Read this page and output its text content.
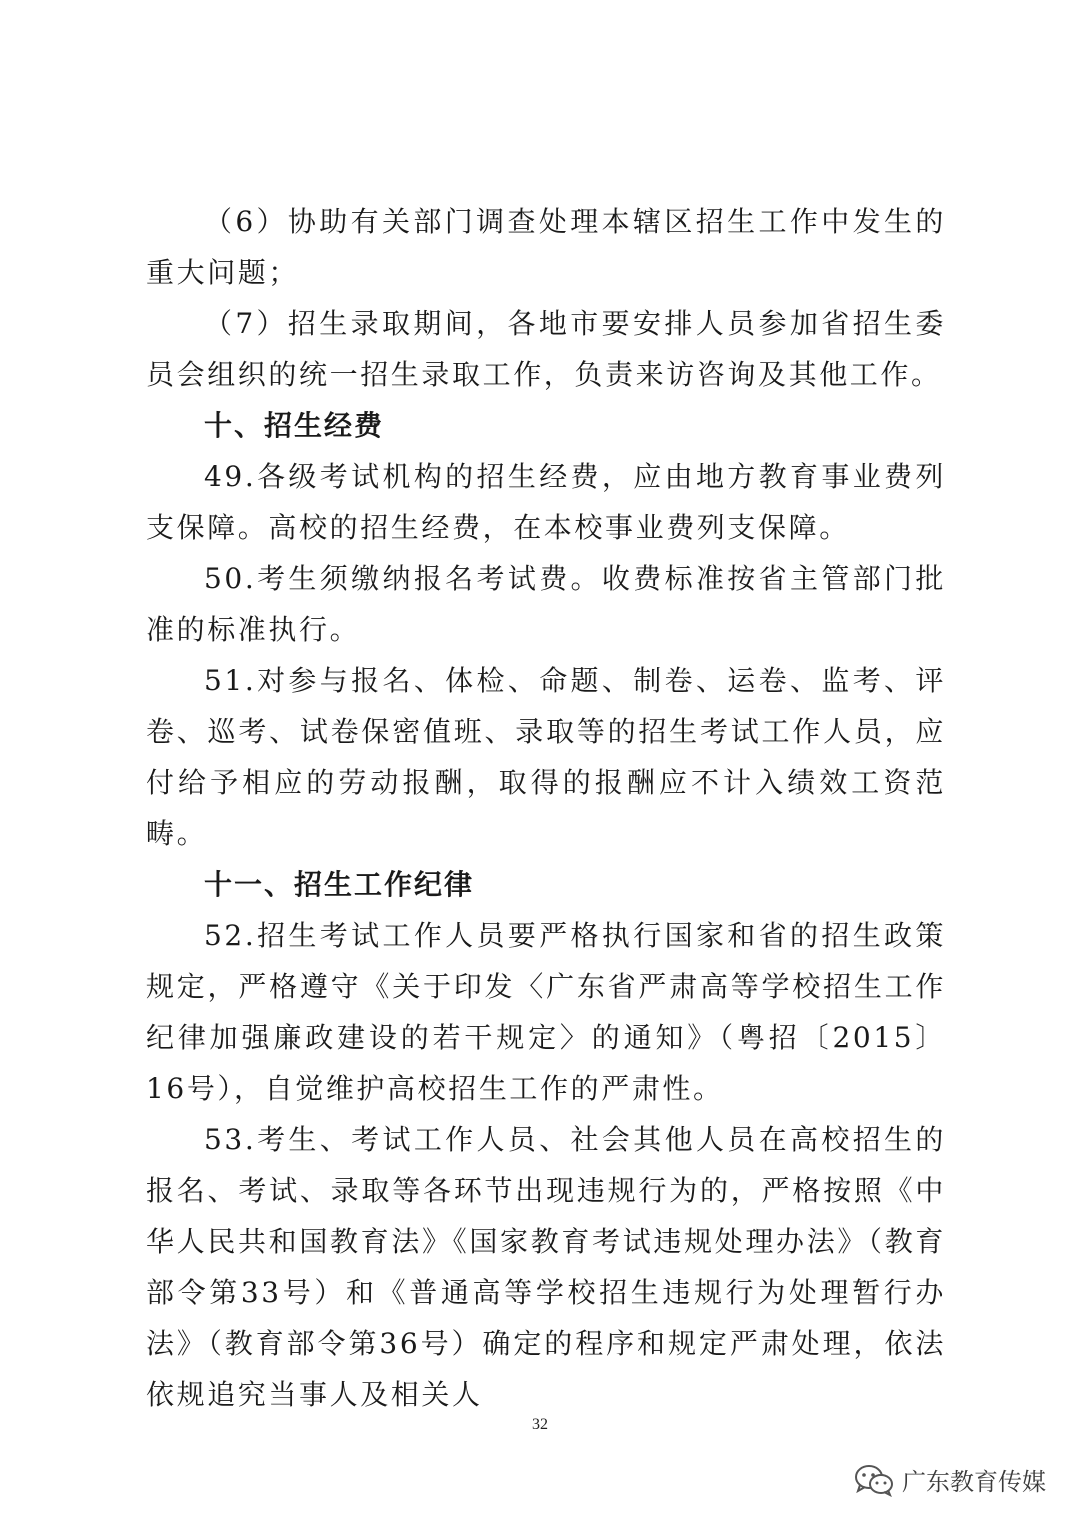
（6）协助有关部门调查处理本辖区招生工作中发生的重大问题；

（7）招生录取期间，各地市要安排人员参加省招生委员会组织的统一招生录取工作，负责来访咨询及其他工作。

十、招生经费

49.各级考试机构的招生经费，应由地方教育事业费列支保障。高校的招生经费，在本校事业费列支保障。

50.考生须缴纳报名考试费。收费标准按省主管部门批准的标准执行。

51.对参与报名、体检、命题、制卷、运卷、监考、评卷、巡考、试卷保密值班、录取等的招生考试工作人员，应付给予相应的劳动报酬，取得的报酬应不计入绩效工资范畴。

十一、招生工作纪律

52.招生考试工作人员要严格执行国家和省的招生政策规定，严格遵守《关于印发〈广东省严肃高等学校招生工作纪律加强廉政建设的若干规定〉的通知》（粤招〔2015〕16号），自觉维护高校招生工作的严肃性。

53.考生、考试工作人员、社会其他人员在高校招生的报名、考试、录取等各环节出现违规行为的，严格按照《中华人民共和国教育法》《国家教育考试违规处理办法》（教育部令第33号）和《普通高等学校招生违规行为处理暂行办法》（教育部令第36号）确定的程序和规定严肃处理，依法依规追究当事人及相关人

32
广东教育传媒
